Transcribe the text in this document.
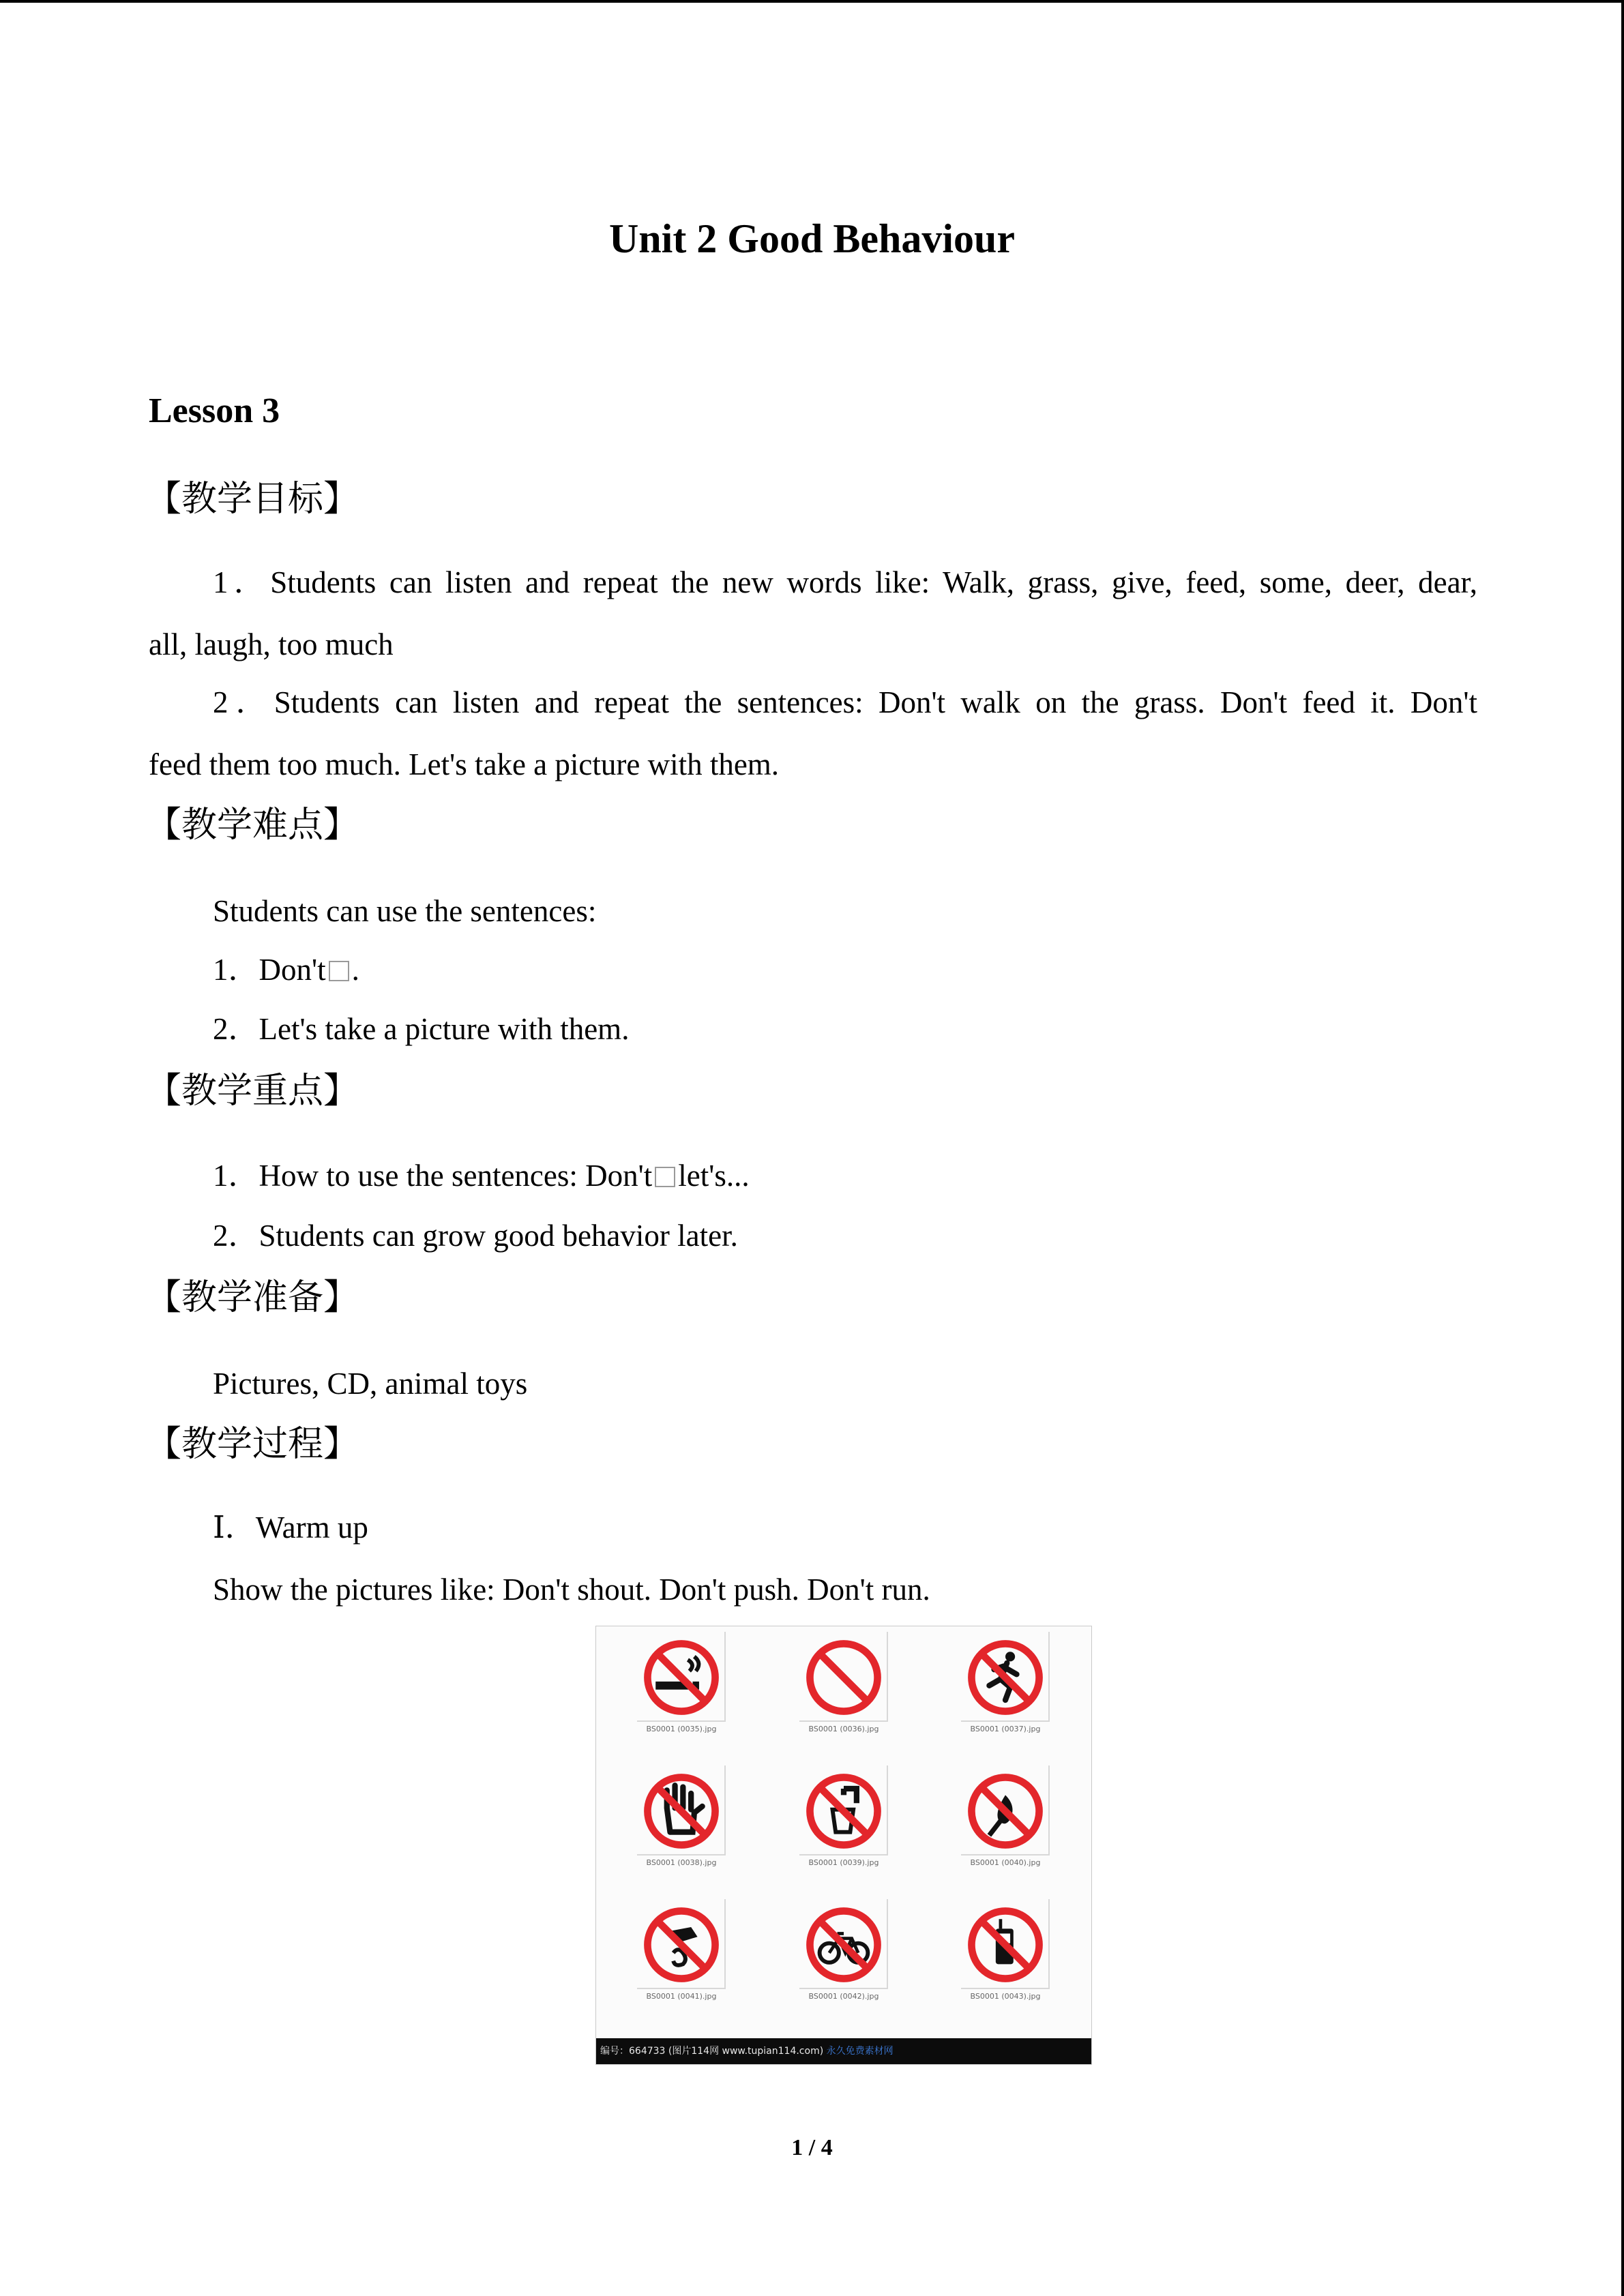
Unit 2 Good Behaviour
Lesson 3
【教学目标】
1．Students can listen and repeat the new words like: Walk, grass, give, feed, some, deer, dear,
all, laugh, too much
2．Students can listen and repeat the sentences: Don't walk on the grass. Don't feed it. Don't
feed them too much. Let's take a picture with them.
【教学难点】
Students can use the sentences:
1．Don't .
2．Let's take a picture with them.
【教学重点】
1．How to use the sentences: Don't let's...
2．Students can grow good behavior later.
【教学准备】
Pictures, CD, animal toys
【教学过程】
Ⅰ．Warm up
Show the pictures like: Don't shout. Don't push. Don't run.
BS0001 (0035).jpg	BS0001 (0036).jpg	BS0001 (0037).jpg
BS0001 (0038).jpg	BS0001 (0039).jpg	BS0001 (0040).jpg
BS0001 (0041).jpg	BS0001 (0042).jpg	BS0001 (0043).jpg
编号：664733 (图片114网 www.tupian114.com) 永久免费素材网
1 / 4
